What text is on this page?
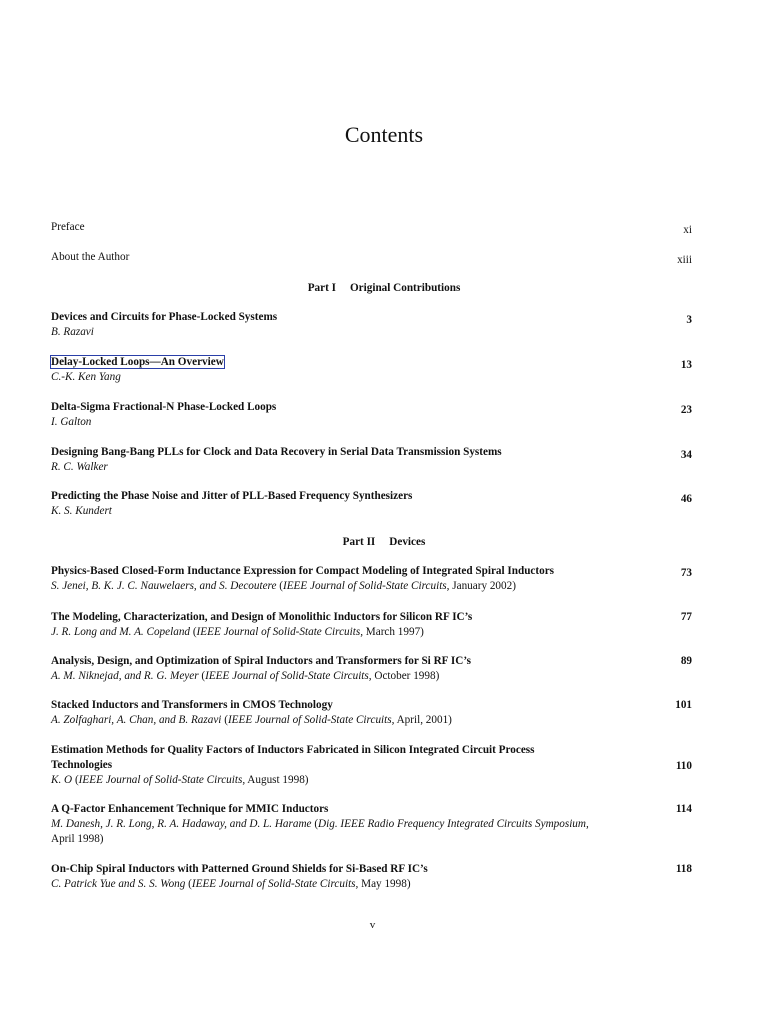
Contents
Preface	xi
About the Author	xiii
Part I Original Contributions
Devices and Circuits for Phase-Locked Systems
B. Razavi
3
Delay-Locked Loops—An Overview
C.-K. Ken Yang
13
Delta-Sigma Fractional-N Phase-Locked Loops
I. Galton
23
Designing Bang-Bang PLLs for Clock and Data Recovery in Serial Data Transmission Systems
R. C. Walker
34
Predicting the Phase Noise and Jitter of PLL-Based Frequency Synthesizers
K. S. Kundert
46
Part II Devices
Physics-Based Closed-Form Inductance Expression for Compact Modeling of Integrated Spiral Inductors
S. Jenei, B. K. J. C. Nauwelaers, and S. Decoutere (IEEE Journal of Solid-State Circuits, January 2002)
73
The Modeling, Characterization, and Design of Monolithic Inductors for Silicon RF IC’s
J. R. Long and M. A. Copeland (IEEE Journal of Solid-State Circuits, March 1997)
77
Analysis, Design, and Optimization of Spiral Inductors and Transformers for Si RF IC’s
A. M. Niknejad, and R. G. Meyer (IEEE Journal of Solid-State Circuits, October 1998)
89
Stacked Inductors and Transformers in CMOS Technology
A. Zolfaghari, A. Chan, and B. Razavi (IEEE Journal of Solid-State Circuits, April, 2001)
101
Estimation Methods for Quality Factors of Inductors Fabricated in Silicon Integrated Circuit Process Technologies
K. O (IEEE Journal of Solid-State Circuits, August 1998)
110
A Q-Factor Enhancement Technique for MMIC Inductors
M. Danesh, J. R. Long, R. A. Hadaway, and D. L. Harame (Dig. IEEE Radio Frequency Integrated Circuits Symposium, April 1998)
114
On-Chip Spiral Inductors with Patterned Ground Shields for Si-Based RF IC’s
C. Patrick Yue and S. S. Wong (IEEE Journal of Solid-State Circuits, May 1998)
118
v
